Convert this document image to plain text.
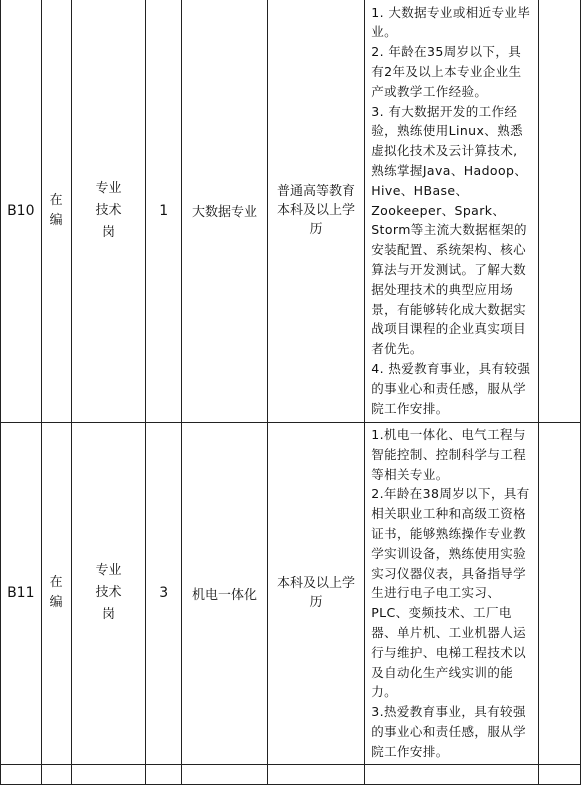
B10	在编	专业技术岗	1	大数据专业	普通高等教育本科及以上学历	1. 大数据专业或相近专业毕业。
2. 年龄在35周岁以下，具有2年及以上本专业企业生产或教学工作经验。
3. 有大数据开发的工作经验，熟练使用Linux、熟悉虚拟化技术及云计算技术, 熟练掌握Java、Hadoop、Hive、HBase、Zookeeper、Spark、Storm等主流大数据框架的安装配置、系统架构、核心算法与开发测试。了解大数据处理技术的典型应用场景，有能够转化成大数据实战项目课程的企业真实项目者优先。
4. 热爱教育事业，具有较强的事业心和责任感，服从学院工作安排。	

B11	在编	专业技术岗	3	机电一体化	本科及以上学历	1.机电一体化、电气工程与智能控制、控制科学与工程等相关专业。
2.年龄在38周岁以下，具有相关职业工种和高级工资格证书，能够熟练操作专业教学实训设备，熟练使用实验实习仪器仪表，具备指导学生进行电子电工实习、PLC、变频技术、工厂电器、单片机、工业机器人运行与维护、电梯工程技术以及自动化生产线实训的能力。
3.热爱教育事业，具有较强的事业心和责任感，服从学院工作安排。	
